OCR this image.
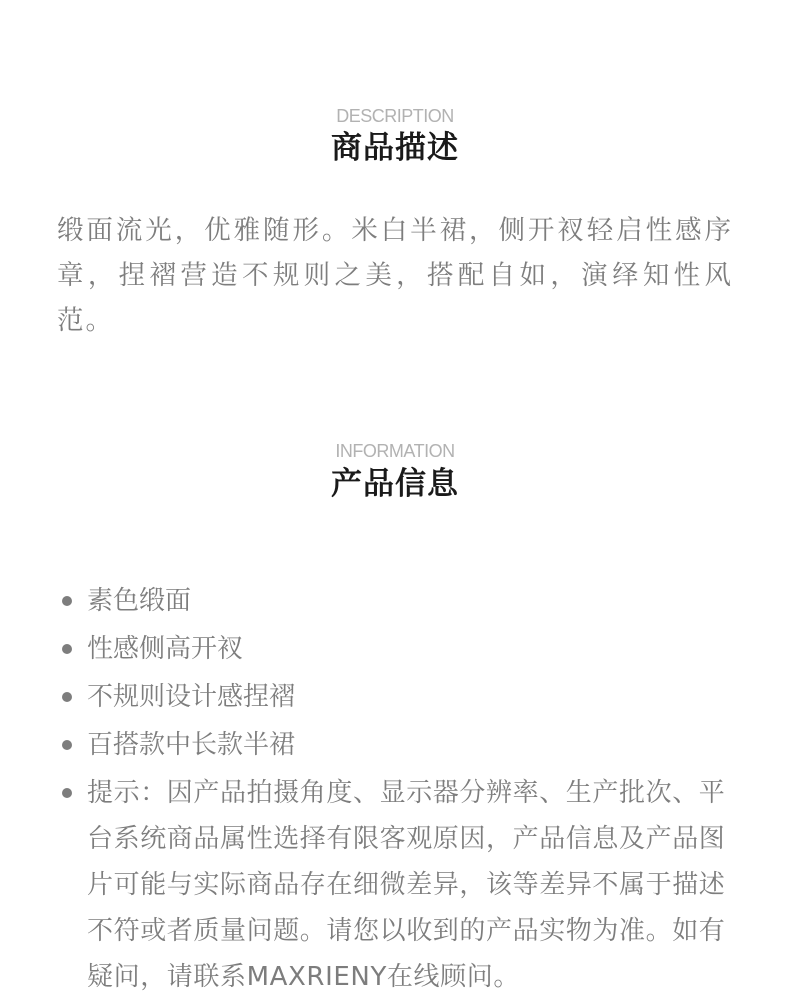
DESCRIPTION
商品描述

缎面流光，优雅随形。米白半裙，侧开衩轻启性感序章，捏褶营造不规则之美，搭配自如，演绎知性风范。

INFORMATION
产品信息
素色缎面
性感侧高开衩
不规则设计感捏褶
百搭款中长款半裙
提示：因产品拍摄角度、显示器分辨率、生产批次、平台系统商品属性选择有限客观原因，产品信息及产品图片可能与实际商品存在细微差异，该等差异不属于描述不符或者质量问题。请您以收到的产品实物为准。如有疑问，请联系MAXRIENY在线顾问。
